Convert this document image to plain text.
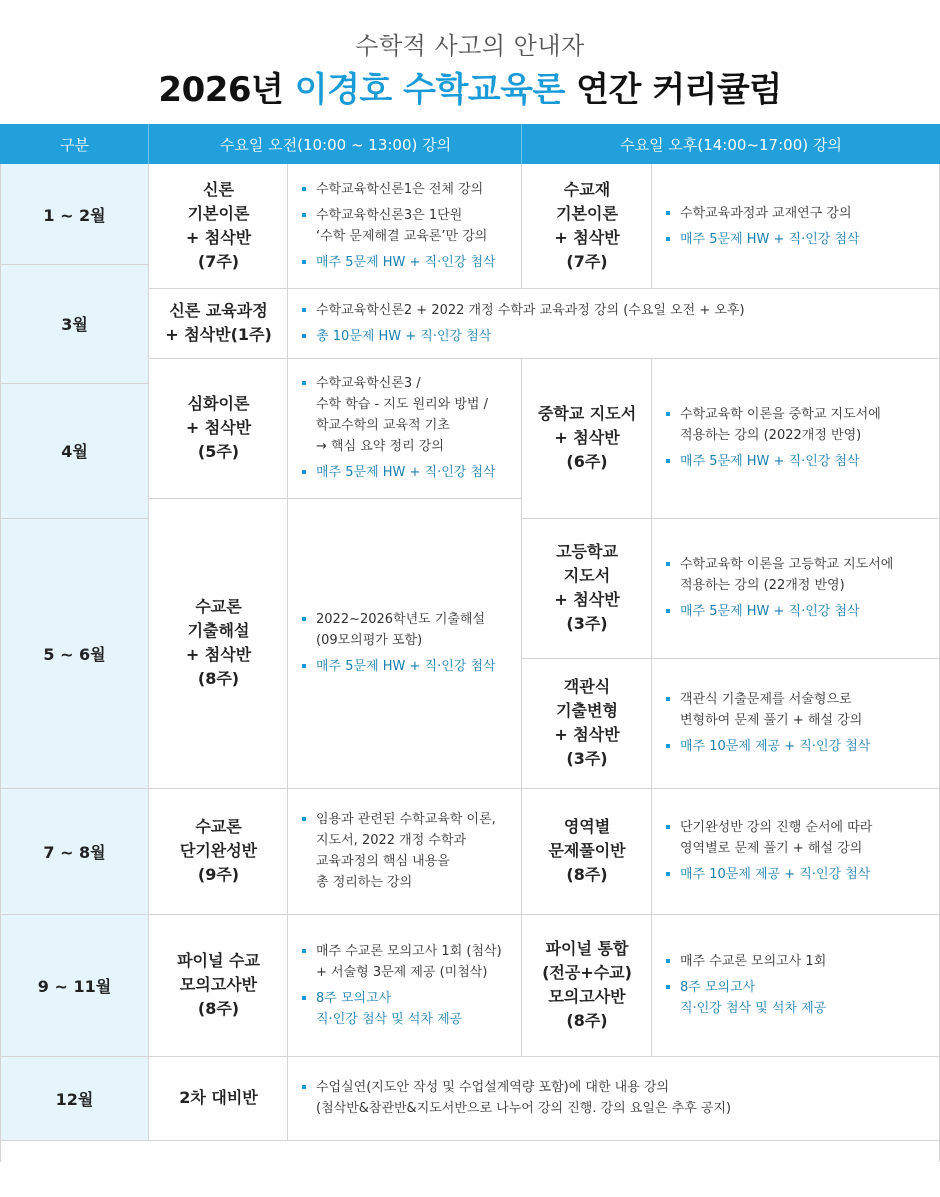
수학적 사고의 안내자
2026년 이경호 수학교육론 연간 커리큘럼
구분	수요일 오전(10:00 ~ 13:00) 강의	수요일 오후(14:00~17:00) 강의
1 ~ 2월
3월
4월
5 ~ 6월
7 ~ 8월
9 ~ 11월
12월
신론
기본이론
+ 첨삭반
(7주)
수학교육학신론1은 전체 강의
수학교육학신론3은 1단원
‘수학 문제해결 교육론’만 강의
매주 5문제 HW + 직·인강 첨삭
수교재
기본이론
+ 첨삭반
(7주)
수학교육과정과 교재연구 강의
매주 5문제 HW + 직·인강 첨삭
신론 교육과정
+ 첨삭반(1주)
수학교육학신론2 + 2022 개정 수학과 교육과정 강의 (수요일 오전 + 오후)
총 10문제 HW + 직·인강 첨삭
심화이론
+ 첨삭반
(5주)
수학교육학신론3 /
수학 학습 - 지도 원리와 방법 /
학교수학의 교육적 기초
→ 핵심 요약 정리 강의
매주 5문제 HW + 직·인강 첨삭
중학교 지도서
+ 첨삭반
(6주)
수학교육학 이론을 중학교 지도서에
적용하는 강의 (2022개정 반영)
매주 5문제 HW + 직·인강 첨삭
수교론
기출해설
+ 첨삭반
(8주)
2022~2026학년도 기출해설
(09모의평가 포함)
매주 5문제 HW + 직·인강 첨삭
고등학교
지도서
+ 첨삭반
(3주)
수학교육학 이론을 고등학교 지도서에
적용하는 강의 (22개정 반영)
매주 5문제 HW + 직·인강 첨삭
객관식
기출변형
+ 첨삭반
(3주)
객관식 기출문제를 서술형으로
변형하여 문제 풀기 + 해설 강의
매주 10문제 제공 + 직·인강 첨삭
수교론
단기완성반
(9주)
임용과 관련된 수학교육학 이론,
지도서, 2022 개정 수학과
교육과정의 핵심 내용을
총 정리하는 강의
영역별
문제풀이반
(8주)
단기완성반 강의 진행 순서에 따라
영역별로 문제 풀기 + 해설 강의
매주 10문제 제공 + 직·인강 첨삭
파이널 수교
모의고사반
(8주)
매주 수교론 모의고사 1회 (첨삭)
+ 서술형 3문제 제공 (미첨삭)
8주 모의고사
직·인강 첨삭 및 석차 제공
파이널 통합
(전공+수교)
모의고사반
(8주)
매주 수교론 모의고사 1회
8주 모의고사
직·인강 첨삭 및 석차 제공
2차 대비반
수업실연(지도안 작성 및 수업설계역량 포함)에 대한 내용 강의
(첨삭반&참관반&지도서반으로 나누어 강의 진행. 강의 요일은 추후 공지)
